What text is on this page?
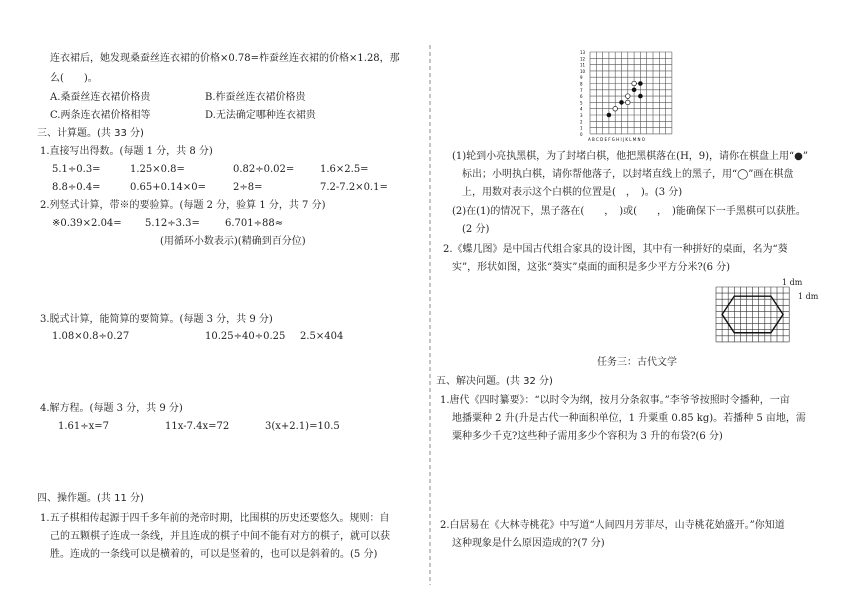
连衣裙后，她发现桑蚕丝连衣裙的价格×0.78=柞蚕丝连衣裙的价格×1.28，那
么(　　)。
A.桑蚕丝连衣裙价格贵	B.柞蚕丝连衣裙价格贵
C.两条连衣裙价格相等	D.无法确定哪种连衣裙贵
三、计算题。(共 33 分)
1.直接写出得数。(每题 1 分，共 8 分)
5.1÷0.3=	1.25×0.8=	0.82÷0.02=	1.6×2.5=
8.8÷0.4=	0.65+0.14×0=	2÷8=	7.2-7.2×0.1=
2.列竖式计算，带※的要验算。(每题 2 分，验算 1 分，共 7 分)
※0.39×2.04= 5.12÷3.3=	6.701÷88≈
(用循环小数表示)(精确到百分位)
3.脱式计算，能简算的要简算。(每题 3 分，共 9 分)
1.08×0.8÷0.27	10.25÷40÷0.25 2.5×404
4.解方程。(每题 3 分，共 9 分)
1.61÷x=7	11x-7.4x=72	3(x+2.1)=10.5
四、操作题。(共 11 分)
1.五子棋相传起源于四千多年前的尧帝时期，比围棋的历史还要悠久。规则：自
己的五颗棋子连成一条线，并且连成的棋子中间不能有对方的棋子，就可以获
胜。连成的一条线可以是横着的，可以是竖着的，也可以是斜着的。(5 分)
13
12
11
10
9
8
7
6
5
4
3
2
1
0
A B C D E F G H I J K L M N O
(1)轮到小亮执黑棋，为了封堵白棋，他把黑棋落在(H，9)，请你在棋盘上用“●”
标出；小明执白棋，请你帮他落子，以封堵直线上的黑子，用“◯”画在棋盘
上，用数对表示这个白棋的位置是(　，　)。(3 分)
(2)在(1)的情况下，黑子落在(　　，　)或(　　，　)能确保下一手黑棋可以获胜。
(2 分)
2.《蝶几图》是中国古代组合家具的设计图，其中有一种拼好的桌面，名为“葵
实”，形状如图，这张“葵实”桌面的面积是多少平方分米?(6 分)
1 dm
1 dm
任务三：古代文学
五、解决问题。(共 32 分)
1.唐代《四时纂要》：“以时令为纲，按月分条叙事。”李爷爷按照时令播种，一亩
地播粟种 2 升(升是古代一种面积单位，1 升粟重 0.85 kg)。若播种 5 亩地，需
粟种多少千克?这些种子需用多少个容积为 3 升的布袋?(6 分)
2.白居易在《大林寺桃花》中写道“人间四月芳菲尽，山寺桃花始盛开。”你知道
这种现象是什么原因造成的?(7 分)
